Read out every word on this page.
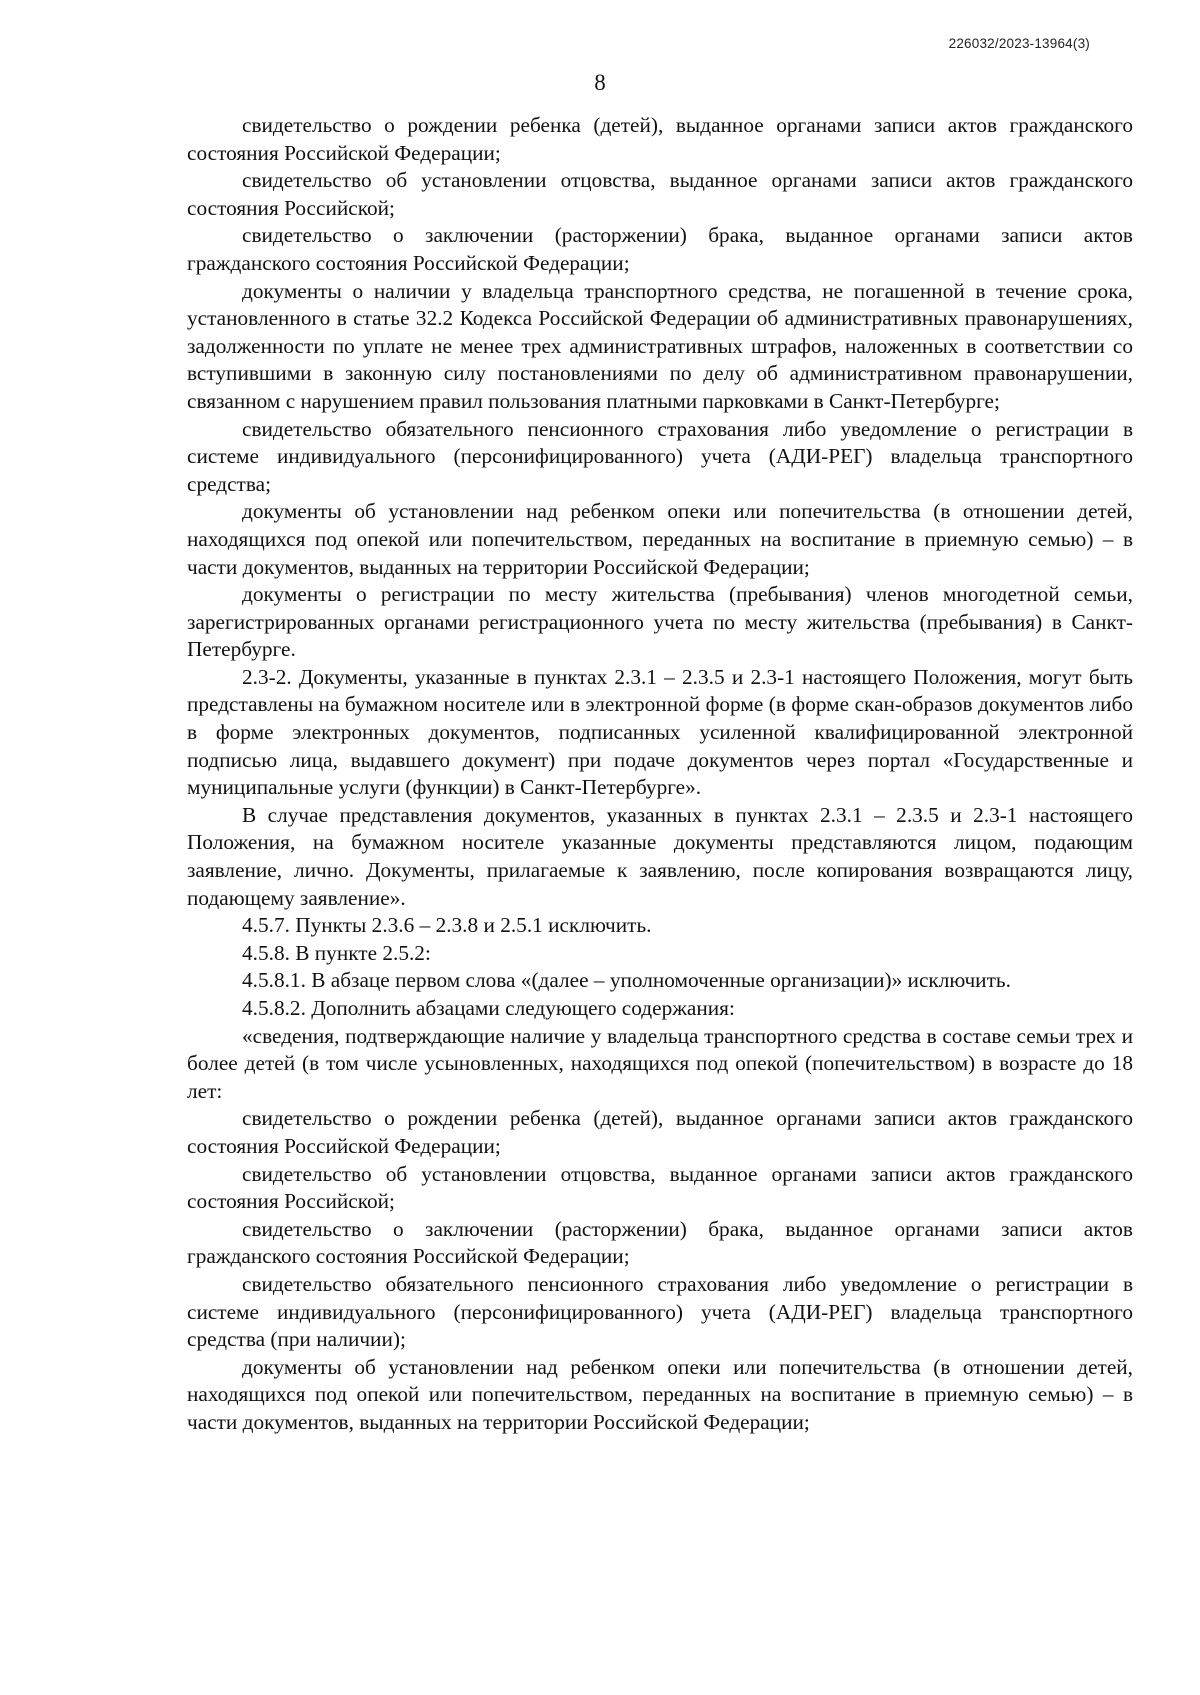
226032/2023-13964(3)
8

свидетельство о рождении ребенка (детей), выданное органами записи актов гражданского состояния Российской Федерации;

свидетельство об установлении отцовства, выданное органами записи актов гражданского состояния Российской;

свидетельство о заключении (расторжении) брака, выданное органами записи актов гражданского состояния Российской Федерации;

документы о наличии у владельца транспортного средства, не погашенной в течение срока, установленного в статье 32.2 Кодекса Российской Федерации об административных правонарушениях, задолженности по уплате не менее трех административных штрафов, наложенных в соответствии со вступившими в законную силу постановлениями по делу об административном правонарушении, связанном с нарушением правил пользования платными парковками в Санкт-Петербурге;

свидетельство обязательного пенсионного страхования либо уведомление о регистрации в системе индивидуального (персонифицированного) учета (АДИ-РЕГ) владельца транспортного средства;

документы об установлении над ребенком опеки или попечительства (в отношении детей, находящихся под опекой или попечительством, переданных на воспитание в приемную семью) – в части документов, выданных на территории Российской Федерации;

документы о регистрации по месту жительства (пребывания) членов многодетной семьи, зарегистрированных органами регистрационного учета по месту жительства (пребывания) в Санкт-Петербурге.

2.3-2. Документы, указанные в пунктах 2.3.1 – 2.3.5 и 2.3-1 настоящего Положения, могут быть представлены на бумажном носителе или в электронной форме (в форме скан-образов документов либо в форме электронных документов, подписанных усиленной квалифицированной электронной подписью лица, выдавшего документ) при подаче документов через портал «Государственные и муниципальные услуги (функции) в Санкт-Петербурге».

В случае представления документов, указанных в пунктах 2.3.1 – 2.3.5 и 2.3-1 настоящего Положения, на бумажном носителе указанные документы представляются лицом, подающим заявление, лично. Документы, прилагаемые к заявлению, после копирования возвращаются лицу, подающему заявление».

4.5.7. Пункты 2.3.6 – 2.3.8 и 2.5.1 исключить.

4.5.8. В пункте 2.5.2:

4.5.8.1. В абзаце первом слова «(далее – уполномоченные организации)» исключить.

4.5.8.2. Дополнить абзацами следующего содержания:

«сведения, подтверждающие наличие у владельца транспортного средства в составе семьи трех и более детей (в том числе усыновленных, находящихся под опекой (попечительством) в возрасте до 18 лет:

свидетельство о рождении ребенка (детей), выданное органами записи актов гражданского состояния Российской Федерации;

свидетельство об установлении отцовства, выданное органами записи актов гражданского состояния Российской;

свидетельство о заключении (расторжении) брака, выданное органами записи актов гражданского состояния Российской Федерации;

свидетельство обязательного пенсионного страхования либо уведомление о регистрации в системе индивидуального (персонифицированного) учета (АДИ-РЕГ) владельца транспортного средства (при наличии);

документы об установлении над ребенком опеки или попечительства (в отношении детей, находящихся под опекой или попечительством, переданных на воспитание в приемную семью) – в части документов, выданных на территории Российской Федерации;
